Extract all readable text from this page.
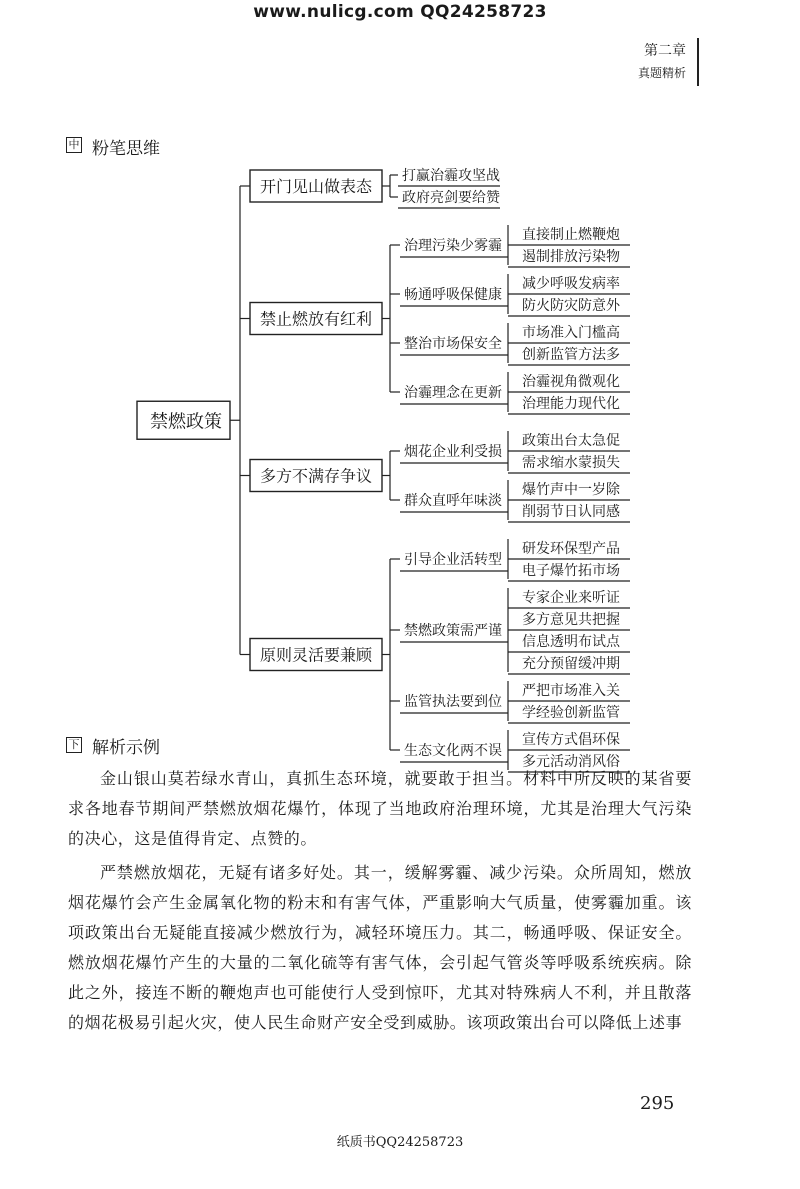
www.nulicg.com QQ24258723
第二章
真题精析
中 粉笔思维
开门见山做表态
打赢治霾攻坚战
政府亮剑要给赞
禁止燃放有红利
治理污染少雾霾
直接制止燃鞭炮
遏制排放污染物
畅通呼吸保健康
减少呼吸发病率
防火防灾防意外
整治市场保安全
市场准入门槛高
创新监管方法多
治霾理念在更新
治霾视角微观化
治理能力现代化
多方不满存争议
烟花企业利受损
政策出台太急促
需求缩水蒙损失
群众直呼年味淡
爆竹声中一岁除
削弱节日认同感
原则灵活要兼顾
引导企业活转型
研发环保型产品
电子爆竹拓市场
禁燃政策需严谨
专家企业来听证
多方意见共把握
信息透明布试点
充分预留缓冲期
监管执法要到位
严把市场准入关
学经验创新监管
生态文化两不误
宣传方式倡环保
多元活动消风俗
禁燃政策
下 解析示例
金山银山莫若绿水青山，真抓生态环境，就要敢于担当。材料中所反映的某省要求各地春节期间严禁燃放烟花爆竹，体现了当地政府治理环境，尤其是治理大气污染的决心，这是值得肯定、点赞的。
严禁燃放烟花，无疑有诸多好处。其一，缓解雾霾、减少污染。众所周知，燃放烟花爆竹会产生金属氧化物的粉末和有害气体，严重影响大气质量，使雾霾加重。该项政策出台无疑能直接减少燃放行为，减轻环境压力。其二，畅通呼吸、保证安全。燃放烟花爆竹产生的大量的二氧化硫等有害气体，会引起气管炎等呼吸系统疾病。除此之外，接连不断的鞭炮声也可能使行人受到惊吓，尤其对特殊病人不利，并且散落的烟花极易引起火灾，使人民生命财产安全受到威胁。该项政策出台可以降低上述事
295
纸质书QQ24258723
